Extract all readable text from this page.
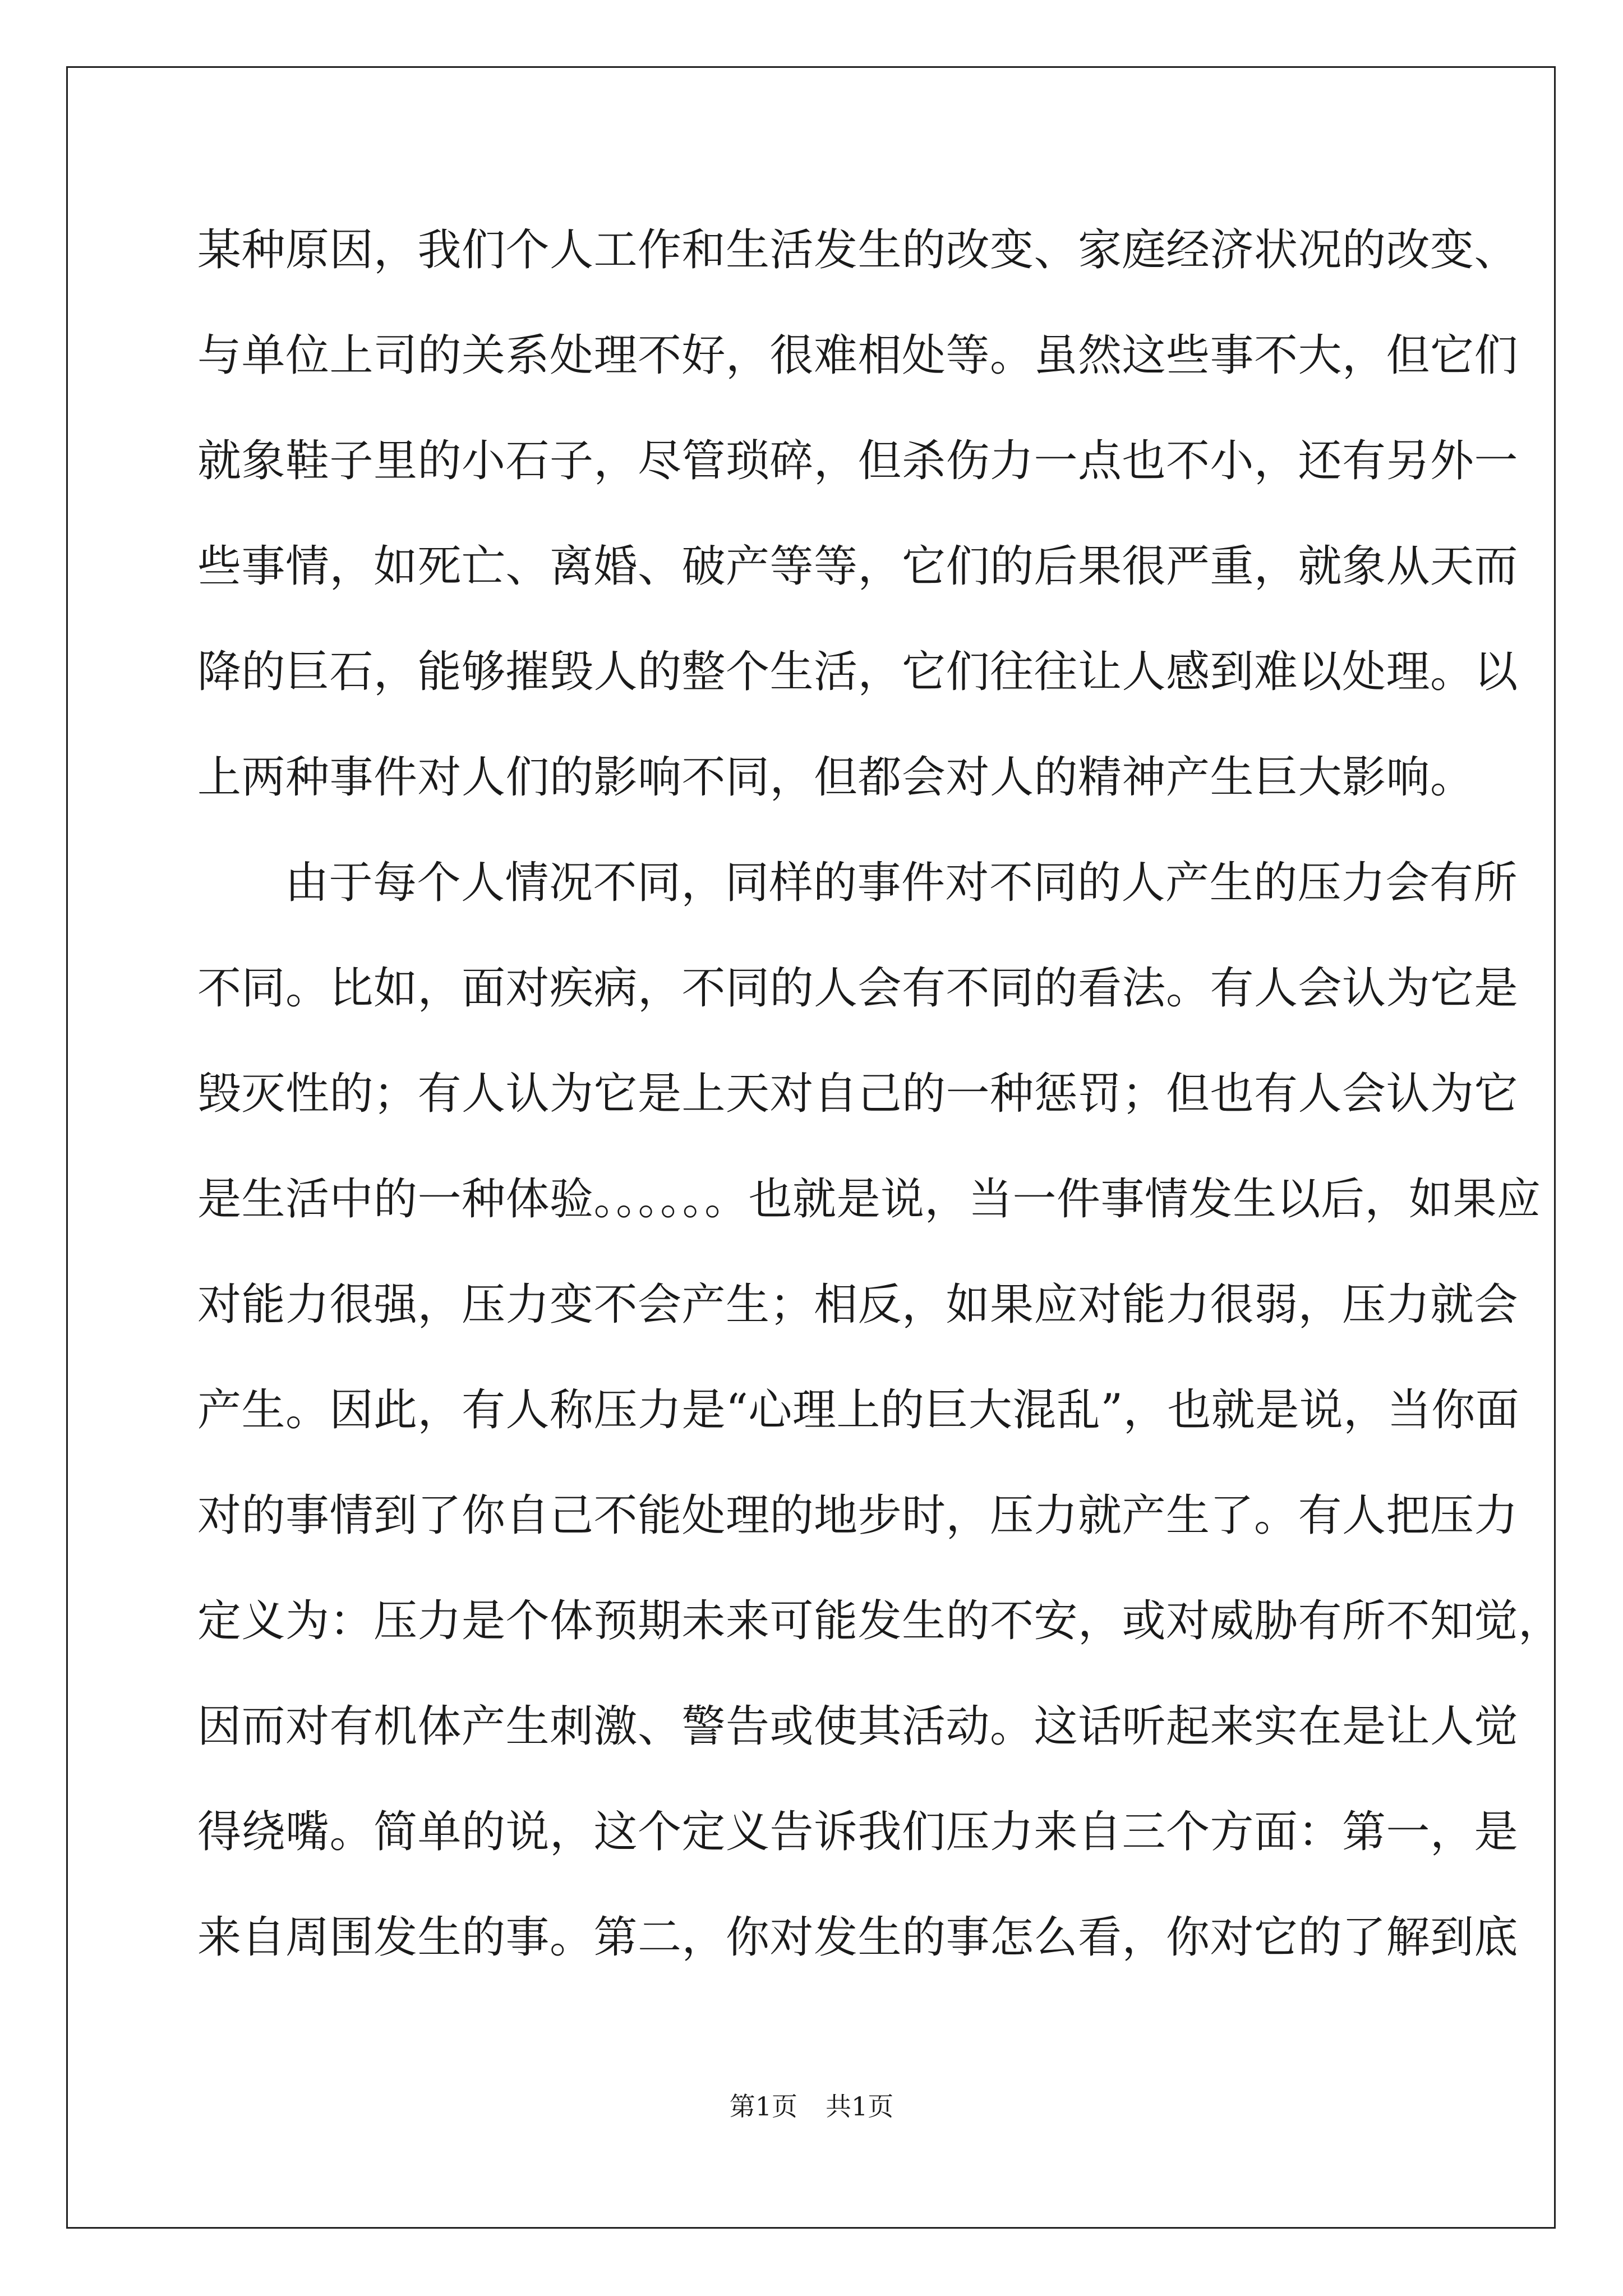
某种原因，我们个人工作和生活发生的改变、家庭经济状况的改变、
与单位上司的关系处理不好，很难相处等。虽然这些事不大，但它们
就象鞋子里的小石子，尽管琐碎，但杀伤力一点也不小，还有另外一
些事情，如死亡、离婚、破产等等，它们的后果很严重，就象从天而
降的巨石，能够摧毁人的整个生活，它们往往让人感到难以处理。以
上两种事件对人们的影响不同，但都会对人的精神产生巨大影响。
由于每个人情况不同，同样的事件对不同的人产生的压力会有所
不同。比如，面对疾病，不同的人会有不同的看法。有人会认为它是
毁灭性的；有人认为它是上天对自己的一种惩罚；但也有人会认为它
是生活中的一种体验。。。。。。也就是说，当一件事情发生以后，如果应
对能力很强，压力变不会产生；相反，如果应对能力很弱，压力就会
产生。因此，有人称压力是“心理上的巨大混乱”，也就是说，当你面
对的事情到了你自己不能处理的地步时，压力就产生了。有人把压力
定义为：压力是个体预期未来可能发生的不安，或对威胁有所不知觉，
因而对有机体产生刺激、警告或使其活动。这话听起来实在是让人觉
得绕嘴。简单的说，这个定义告诉我们压力来自三个方面：第一，是
来自周围发生的事。第二，你对发生的事怎么看，你对它的了解到底
第1页 共1页
